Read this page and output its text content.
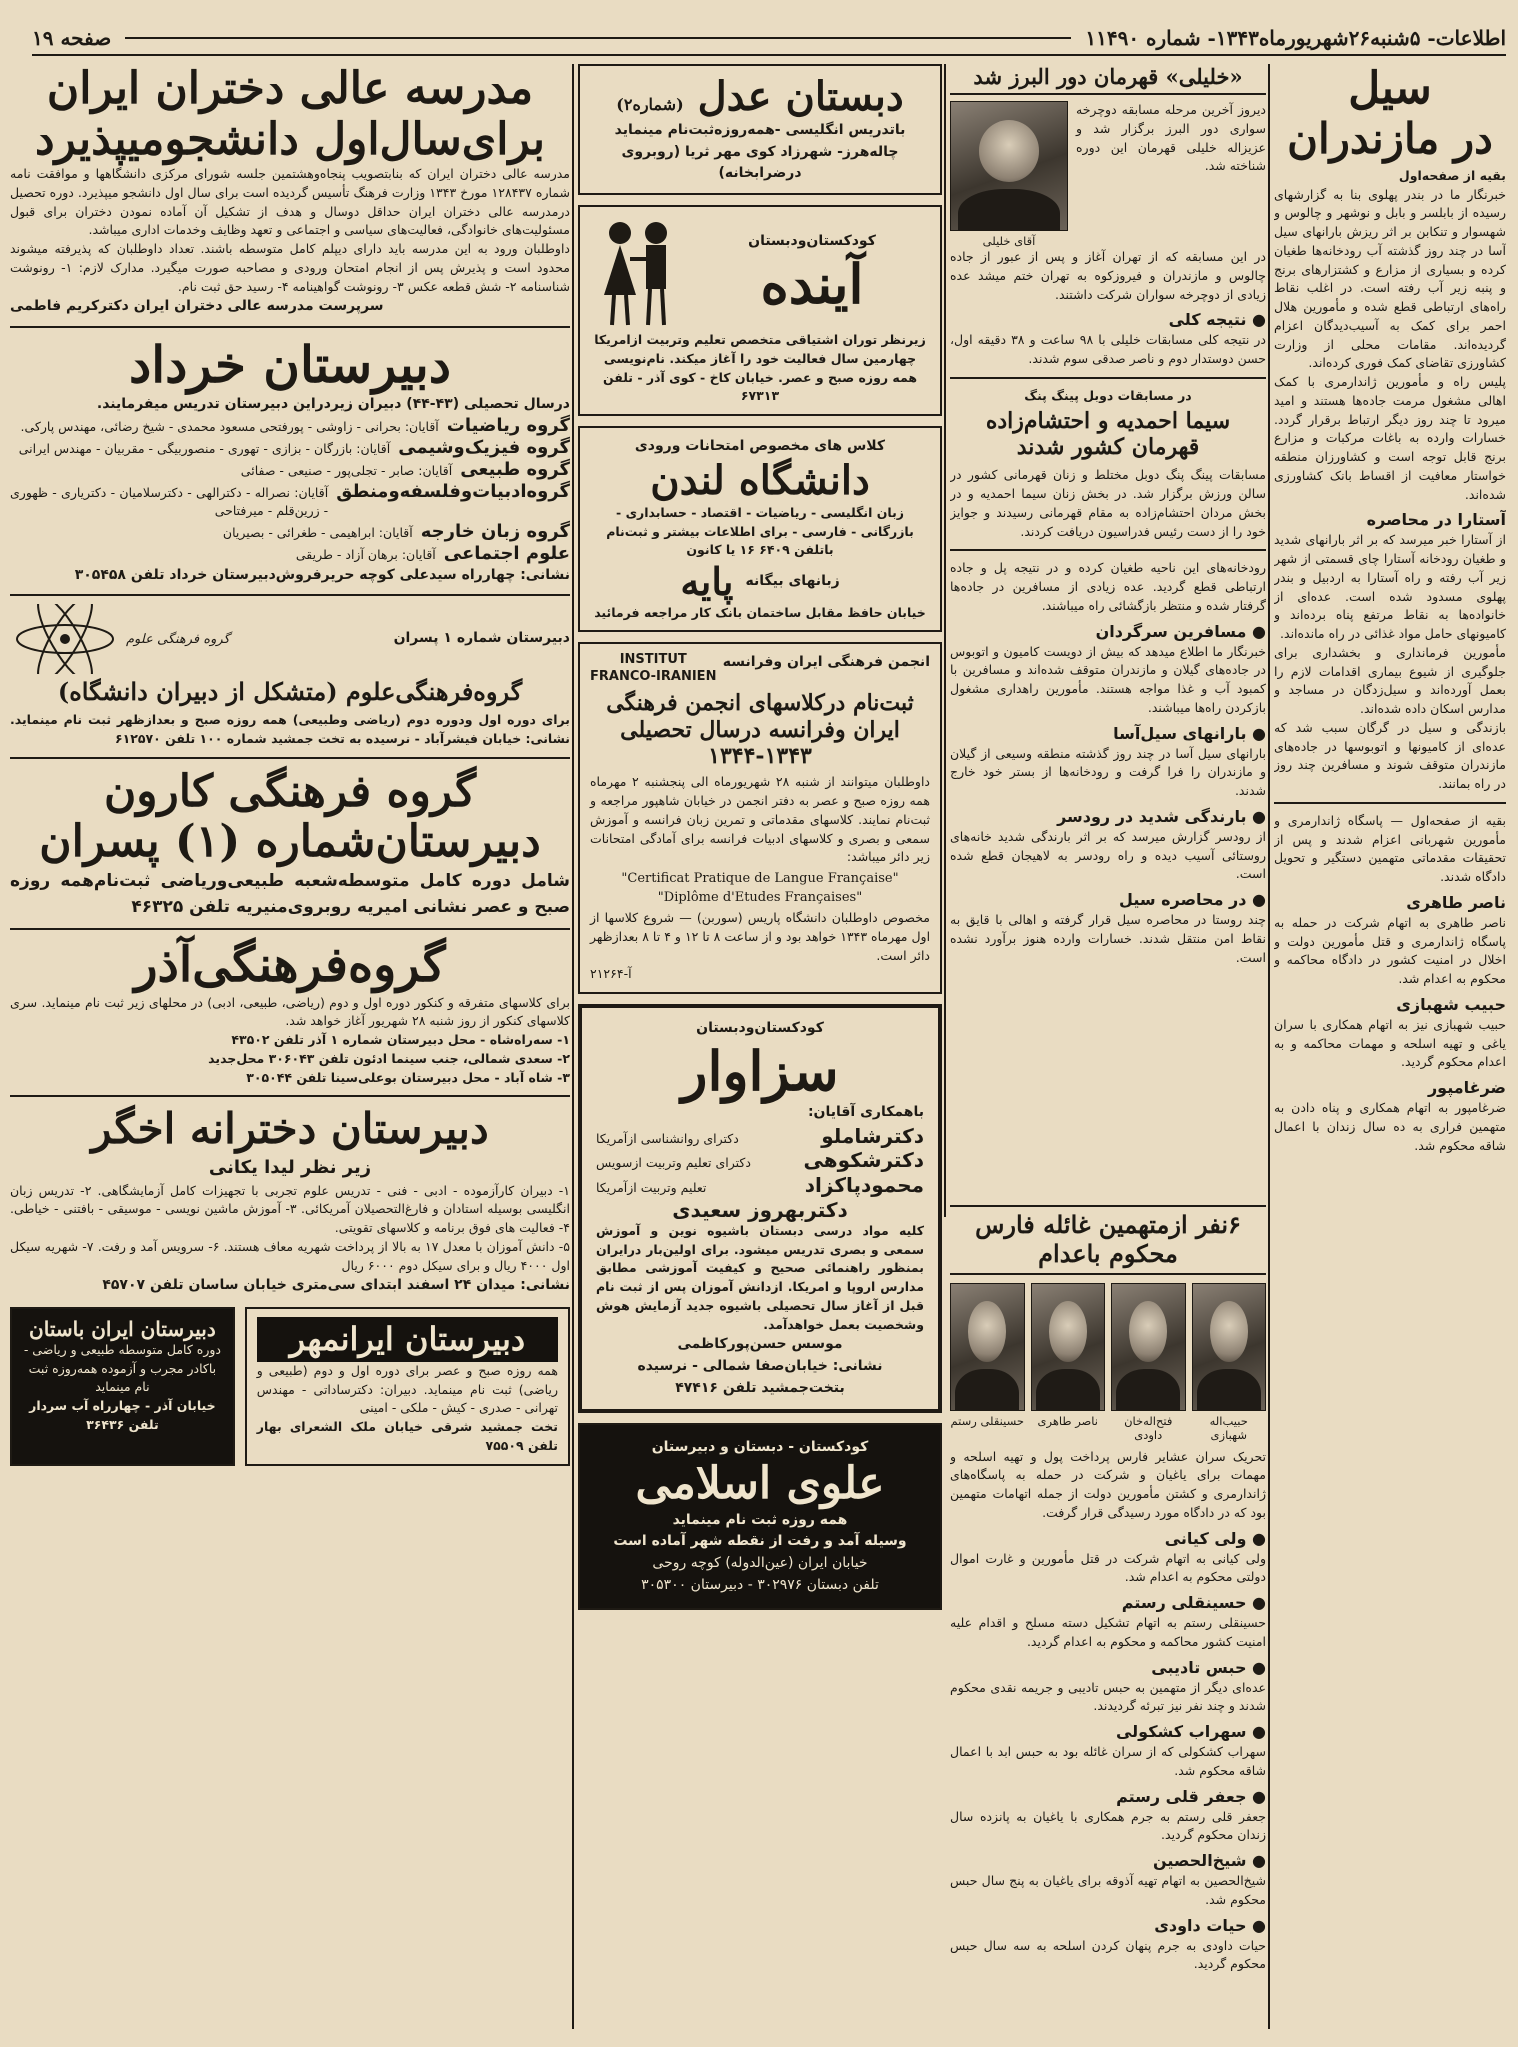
اطلاعات- ۵شنبه۲۶شهریورماه۱۳۴۳- شماره ۱۱۴۹۰
صفحه ۱۹
سیل
در مازندران
بقیه از صفحه‌اول

خبرنگار ما در بندر پهلوی بنا به گزارشهای رسیده از بابلسر و بابل و نوشهر و چالوس و شهسوار و تنکابن بر اثر ریزش بارانهای سیل آسا در چند روز گذشته آب رودخانه‌ها طغیان کرده و بسیاری از مزارع و کشتزارهای برنج و پنبه زیر آب رفته است. در اغلب نقاط راه‌های ارتباطی قطع شده و مأمورین هلال احمر برای کمک به آسیب‌دیدگان اعزام گردیده‌اند. مقامات محلی از وزارت کشاورزی تقاضای کمک فوری کرده‌اند.

پلیس راه و مأمورین ژاندارمری با کمک اهالی مشغول مرمت جاده‌ها هستند و امید میرود تا چند روز دیگر ارتباط برقرار گردد. خسارات وارده به باغات مرکبات و مزارع برنج قابل توجه است و کشاورزان منطقه خواستار معافیت از اقساط بانک کشاورزی شده‌اند.

آستارا در محاصره

از آستارا خبر میرسد که بر اثر بارانهای شدید و طغیان رودخانه آستارا چای قسمتی از شهر زیر آب رفته و راه آستارا به اردبیل و بندر پهلوی مسدود شده است. عده‌ای از خانواده‌ها به نقاط مرتفع پناه برده‌اند و کامیونهای حامل مواد غذائی در راه مانده‌اند.

مأمورین فرمانداری و بخشداری برای جلوگیری از شیوع بیماری اقدامات لازم را بعمل آورده‌اند و سیل‌زدگان در مساجد و مدارس اسکان داده شده‌اند.

بازندگی و سیل در گرگان سبب شد که عده‌ای از کامیونها و اتوبوسها در جاده‌های مازندران متوقف شوند و مسافرین چند روز در راه بمانند.

بقیه از صفحه‌اول — پاسگاه ژاندارمری و مأمورین شهربانی اعزام شدند و پس از تحقیقات مقدماتی متهمین دستگیر و تحویل دادگاه شدند.

ناصر طاهری

ناصر طاهری به اتهام شرکت در حمله به پاسگاه ژاندارمری و قتل مأمورین دولت و اخلال در امنیت کشور در دادگاه محاکمه و محکوم به اعدام شد.

حبیب شهبازی

حبیب شهبازی نیز به اتهام همکاری با سران یاغی و تهیه اسلحه و مهمات محاکمه و به اعدام محکوم گردید.

ضرغامپور

ضرغامپور به اتهام همکاری و پناه دادن به متهمین فراری به ده سال زندان با اعمال شاقه محکوم شد.

«خلیلی» قهرمان دور البرز شد

دیروز آخرین مرحله مسابقه دوچرخه سواری دور البرز برگزار شد و عزیزاله خلیلی قهرمان این دوره شناخته شد.

آقای خلیلی

در این مسابقه که از تهران آغاز و پس از عبور از جاده چالوس و مازندران و فیروزکوه به تهران ختم میشد عده زیادی از دوچرخه سواران شرکت داشتند.

● نتیجه کلی

در نتیجه کلی مسابقات خلیلی با ۹۸ ساعت و ۳۸ دقیقه اول، حسن دوستدار دوم و ناصر صدقی سوم شدند.

در مسابقات دوبل پینگ پنگ
سیما احمدیه و احتشام‌زاده قهرمان کشور شدند

مسابقات پینگ پنگ دوبل مختلط و زنان قهرمانی کشور در سالن ورزش برگزار شد. در بخش زنان سیما احمدیه و در بخش مردان احتشام‌زاده به مقام قهرمانی رسیدند و جوایز خود را از دست رئیس فدراسیون دریافت کردند.

رودخانه‌های این ناحیه طغیان کرده و در نتیجه پل و جاده ارتباطی قطع گردید. عده زیادی از مسافرین در جاده‌ها گرفتار شده و منتظر بازگشائی راه میباشند.

● مسافرین سرگردان

خبرنگار ما اطلاع میدهد که بیش از دویست کامیون و اتوبوس در جاده‌های گیلان و مازندران متوقف شده‌اند و مسافرین با کمبود آب و غذا مواجه هستند. مأمورین راهداری مشغول بازکردن راه‌ها میباشند.

● بارانهای سیل‌آسا

بارانهای سیل آسا در چند روز گذشته منطقه وسیعی از گیلان و مازندران را فرا گرفت و رودخانه‌ها از بستر خود خارج شدند.

● بارندگی شدید در رودسر

از رودسر گزارش میرسد که بر اثر بارندگی شدید خانه‌های روستائی آسیب دیده و راه رودسر به لاهیجان قطع شده است.

● در محاصره سیل

چند روستا در محاصره سیل قرار گرفته و اهالی با قایق به نقاط امن منتقل شدند. خسارات وارده هنوز برآورد نشده است.

۶نفر ازمتهمین غائله فارس محکوم باعدام
حبیب‌اله شهبازی
فتح‌اله‌خان داودی
ناصر طاهری
حسینقلی رستم

تحریک سران عشایر فارس پرداخت پول و تهیه اسلحه و مهمات برای یاغیان و شرکت در حمله به پاسگاه‌های ژاندارمری و کشتن مأمورین دولت از جمله اتهامات متهمین بود که در دادگاه مورد رسیدگی قرار گرفت.

● ولی کیانی

ولی کیانی به اتهام شرکت در قتل مأمورین و غارت اموال دولتی محکوم به اعدام شد.

● حسینقلی رستم

حسینقلی رستم به اتهام تشکیل دسته مسلح و اقدام علیه امنیت کشور محاکمه و محکوم به اعدام گردید.

● حبس تادیبی

عده‌ای دیگر از متهمین به حبس تادیبی و جریمه نقدی محکوم شدند و چند نفر نیز تبرئه گردیدند.

● سهراب کشکولی

سهراب کشکولی که از سران غائله بود به حبس ابد با اعمال شاقه محکوم شد.

● جعفر قلی رستم

جعفر قلی رستم به جرم همکاری با یاغیان به پانزده سال زندان محکوم گردید.

● شیخ‌الحصین

شیخ‌الحصین به اتهام تهیه آذوقه برای یاغیان به پنج سال حبس محکوم شد.

● حیات داودی

حیات داودی به جرم پنهان کردن اسلحه به سه سال حبس محکوم گردید.

دبستان عدل (شماره۲)
باتدریس انگلیسی -همه‌روزه‌ثبت‌نام مینماید
چاله‌هرز- شهرزاد کوی مهر ثریا (روبروی درضرابخانه)
کودکستان‌ودبستان
آینده

زیرنظر توران اشتیاقی متخصص تعلیم وتربیت ازامریکا چهارمین سال فعالیت خود را آغاز میکند. نام‌نویسی همه روزه صبح و عصر. خیابان کاخ - کوی آذر - تلفن ۶۷۳۱۳

کلاس های مخصوص امتحانات ورودی
دانشگاه لندن

زبان انگلیسی - ریاضیات - اقتصاد - حسابداری - بازرگانی - فارسی - برای اطلاعات بیشتر و ثبت‌نام باتلفن ۶۴۰۹ ۱۶ یا کانون

زبانهای بیگانه
پایه
خیابان حافظ مقابل ساختمان بانک کار مراجعه فرمائید
انجمن فرهنگی ایران وفرانسه
INSTITUT
FRANCO-IRANIEN
ثبت‌نام درکلاسهای انجمن فرهنگی ایران وفرانسه درسال تحصیلی ۱۳۴۳-۱۳۴۴

داوطلبان میتوانند از شنبه ۲۸ شهریورماه الی پنجشنبه ۲ مهرماه همه روزه صبح و عصر به دفتر انجمن در خیابان شاهپور مراجعه و ثبت‌نام نمایند. کلاسهای مقدماتی و تمرین زبان فرانسه و آموزش سمعی و بصری و کلاسهای ادبیات فرانسه برای آمادگی امتحانات زیر دائر میباشد:

"Certificat Pratique de Langue Française"
"Diplôme d'Etudes Françaises"

مخصوص داوطلبان دانشگاه پاریس (سوربن) — شروع کلاسها از اول مهرماه ۱۳۴۳ خواهد بود و از ساعت ۸ تا ۱۲ و ۴ تا ۸ بعدازظهر دائر است.

آ-۲۱۲۶۴
کودکستان‌ودبستان
سزاوار
باهمکاری آقایان:
دکترشاملو
دکترای روانشناسی ازآمریکا
دکترشکوهی
دکترای تعلیم وتربیت ازسویس
محمودپاکزاد
تعلیم وتربیت ازآمریکا
دکتربهروز سعیدی

کلیه مواد درسی دبستان باشیوه نوین و آموزش سمعی و بصری تدریس میشود. برای اولین‌بار درایران بمنظور راهنمائی صحیح و کیفیت آموزشی مطابق مدارس اروپا و امریکا. ازدانش آموزان پس از ثبت نام قبل از آغاز سال تحصیلی باشیوه جدید آزمایش هوش وشخصیت بعمل خواهدآمد.

موسس حسن‌پورکاظمی
نشانی: خیابان‌صفا شمالی - نرسیده بتخت‌جمشید تلفن ۴۷۴۱۶
کودکستان - دبستان و دبیرستان
علوی اسلامی
همه روزه ثبت نام مینماید
وسیله آمد و رفت از نقطه شهر آماده است
خیابان ایران (عین‌الدوله) کوچه روحی
تلفن دبستان ۳۰۲۹۷۶ - دبیرستان ۳۰۵۳۰۰
مدرسه عالی دختران ایران
برای‌سال‌اول دانشجومیپذیرد

مدرسه عالی دختران ایران که بنابتصویب پنجاه‌وهشتمین جلسه شورای مرکزی دانشگاهها و موافقت نامه شماره ۱۲۸۴۳۷ مورخ ۱۳۴۳ وزارت فرهنگ تأسیس گردیده است برای سال اول دانشجو میپذیرد. دوره تحصیل درمدرسه عالی دختران ایران حداقل دوسال و هدف از تشکیل آن آماده نمودن دختران برای قبول مسئولیت‌های خانوادگی، فعالیت‌های سیاسی و اجتماعی و تعهد وظایف وخدمات اداری میباشد.

داوطلبان ورود به این مدرسه باید دارای دیپلم کامل متوسطه باشند. تعداد داوطلبان که پذیرفته میشوند محدود است و پذیرش پس از انجام امتحان ورودی و مصاحبه صورت میگیرد. مدارک لازم: ۱- رونوشت شناسنامه ۲- شش قطعه عکس ۳- رونوشت گواهینامه ۴- رسید حق ثبت نام.

سرپرست مدرسه عالی دختران ایران دکترکریم فاطمی
دبیرستان خرداد
درسال تحصیلی (۴۳-۴۴) دبیران زیردراین دبیرستان تدریس میفرمایند.
گروه ریاضیات
آقایان: بحرانی - زاوشی - پورفتحی مسعود محمدی - شیخ رضائی، مهندس پارکی.
گروه فیزیک‌وشیمی
آقایان: بازرگان - بزازی - تهوری - منصوربیگی - مقربیان - مهندس ایرانی
گروه طبیعی
آقایان: صابر - تجلی‌پور - صنیعی - صفائی
گروه‌ادبیات‌وفلسفه‌ومنطق
آقایان: نصراله - دکترالهی - دکترسلامیان - دکتریاری - ظهوری - زرین‌قلم - میرفتاحی
گروه زبان خارجه
آقایان: ابراهیمی - طغرائی - بصیریان
علوم اجتماعی
آقایان: برهان آزاد - طریقی
نشانی: چهارراه سیدعلی کوچه حریرفروش‌دبیرستان خرداد تلفن ۳۰۵۴۵۸
دبیرستان شماره ۱ پسران
گروه فرهنگی علوم
گروه‌فرهنگی‌علوم (متشکل از دبیران دانشگاه)

برای دوره اول ودوره دوم (ریاضی وطبیعی) همه روزه صبح و بعدازظهر ثبت نام مینماید. نشانی: خیابان فیشرآباد - نرسیده به تخت جمشید شماره ۱۰۰ تلفن ۶۱۲۵۷۰

گروه فرهنگی کارون
دبیرستان‌شماره (۱) پسران

شامل دوره کامل متوسطه‌شعبه طبیعی‌وریاضی ثبت‌نام‌همه روزه صبح و عصر نشانی امیریه روبروی‌منیریه تلفن ۴۶۳۲۵

گروه‌فرهنگی‌آذر

برای کلاسهای متفرقه و کنکور دوره اول و دوم (ریاضی، طبیعی، ادبی) در محلهای زیر ثبت نام مینماید. سری کلاسهای کنکور از روز شنبه ۲۸ شهریور آغاز خواهد شد.

۱- سه‌راه‌شاه - محل دبیرستان شماره ۱ آذر تلفن ۴۳۵۰۲
۲- سعدی شمالی، جنب سینما ادئون تلفن ۳۰۶۰۴۳ محل‌جدید
۳- شاه آباد - محل دبیرستان بوعلی‌سینا تلفن ۳۰۵۰۴۴
دبیرستان دخترانه اخگر
زیر نظر لیدا یکانی

۱- دبیران کارآزموده - ادبی - فنی - تدریس علوم تجربی با تجهیزات کامل آزمایشگاهی. ۲- تدریس زبان انگلیسی بوسیله استادان و فارغ‌التحصیلان آمریکائی. ۳- آموزش ماشین نویسی - موسیقی - بافتنی - خیاطی. ۴- فعالیت های فوق برنامه و کلاسهای تقویتی.

۵- دانش آموزان با معدل ۱۷ به بالا از پرداخت شهریه معاف هستند. ۶- سرویس آمد و رفت. ۷- شهریه سیکل اول ۴۰۰۰ ریال و برای سیکل دوم ۶۰۰۰ ریال

نشانی: میدان ۲۴ اسفند ابتدای سی‌متری خیابان ساسان تلفن ۴۵۷۰۷
دبیرستان ایرانمهر

همه روزه صبح و عصر برای دوره اول و دوم (طبیعی و ریاضی) ثبت نام مینماید. دبیران: دکترساداتی - مهندس تهرانی - صدری - کیش - ملکی - امینی

تخت جمشید شرقی خیابان ملک الشعرای بهار تلفن ۷۵۵۰۹
دبیرستان ایران باستان

دوره کامل متوسطه طبیعی و ریاضی - باکادر مجرب و آزموده همه‌روزه ثبت نام مینماید

خیابان آذر - چهارراه آب سردار تلفن ۳۶۴۳۶
